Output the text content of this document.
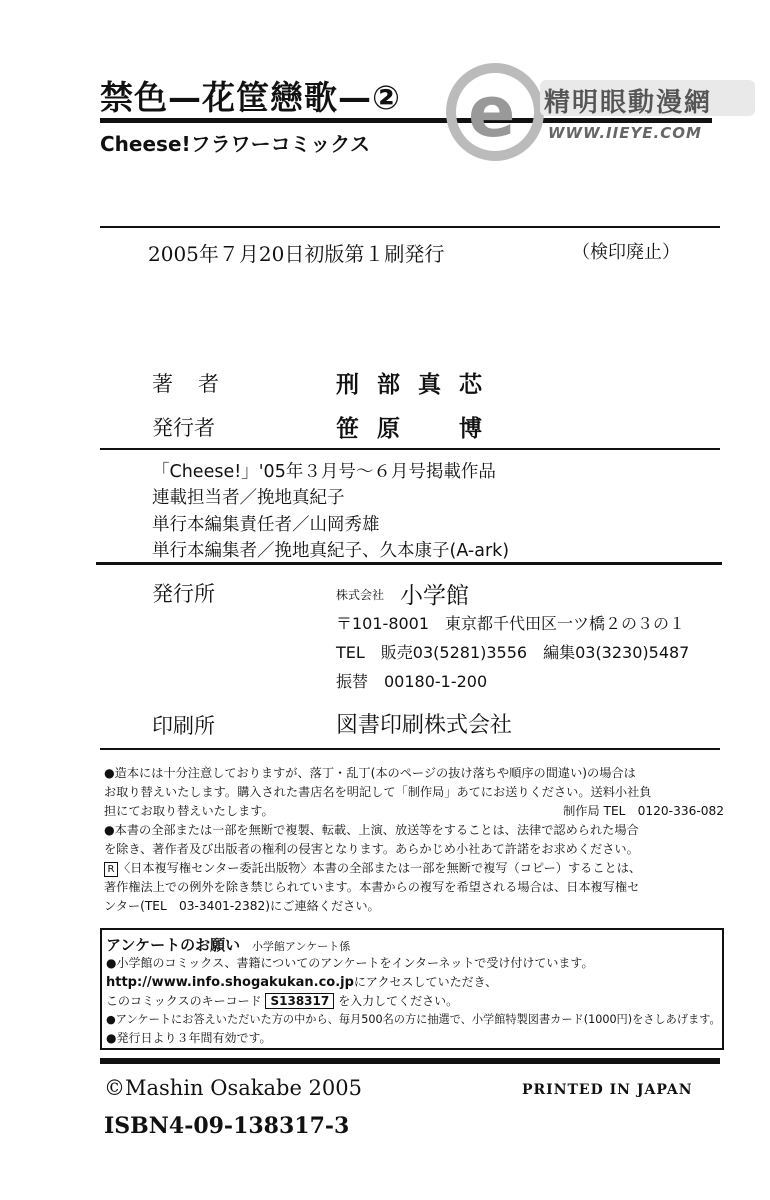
禁色—花筐戀歌—②
Cheese!フラワーコミックス e 精明眼動漫網
WWW.IIEYE.COM
2005年７月20日初版第１刷発行	（検印廃止）
著　者	刑部真芯
発行者	笹原　博
「Cheese!」'05年３月号～６月号掲載作品
連載担当者／挽地真紀子
単行本編集責任者／山岡秀雄
単行本編集者／挽地真紀子、久本康子(A-ark)
発行所	株式会社 小学館
〒101-8001　東京都千代田区一ツ橋２の３の１
TEL　販売03(5281)3556　編集03(3230)5487
振替　00180-1-200
印刷所	図書印刷株式会社

●造本には十分注意しておりますが、落丁・乱丁(本のページの抜け落ちや順序の間違い)の場合は

お取り替えいたします。購入された書店名を明記して「制作局」あてにお送りください。送料小社負

担にてお取り替えいたします。	制作局 TEL　0120-336-082

●本書の全部または一部を無断で複製、転載、上演、放送等をすることは、法律で認められた場合

を除き、著作者及び出版者の権利の侵害となります。あらかじめ小社あて許諾をお求めください。

R 〈日本複写権センター委託出版物〉本書の全部または一部を無断で複写（コピー）することは、

著作権法上での例外を除き禁じられています。本書からの複写を希望される場合は、日本複写権セ

ンター(TEL　03-3401-2382)にご連絡ください。

アンケートのお願い 小学館アンケート係
●小学館のコミックス、書籍についてのアンケートをインターネットで受け付けています。
http://www.info.shogakukan.co.jpにアクセスしていただき、
このコミックスのキーコード S138317 を入力してください。
●アンケートにお答えいただいた方の中から、毎月500名の方に抽選で、小学館特製図書カード(1000円)をさしあげます。
●発行日より３年間有効です。
©Mashin Osakabe 2005	PRINTED IN JAPAN
ISBN4-09-138317-3
